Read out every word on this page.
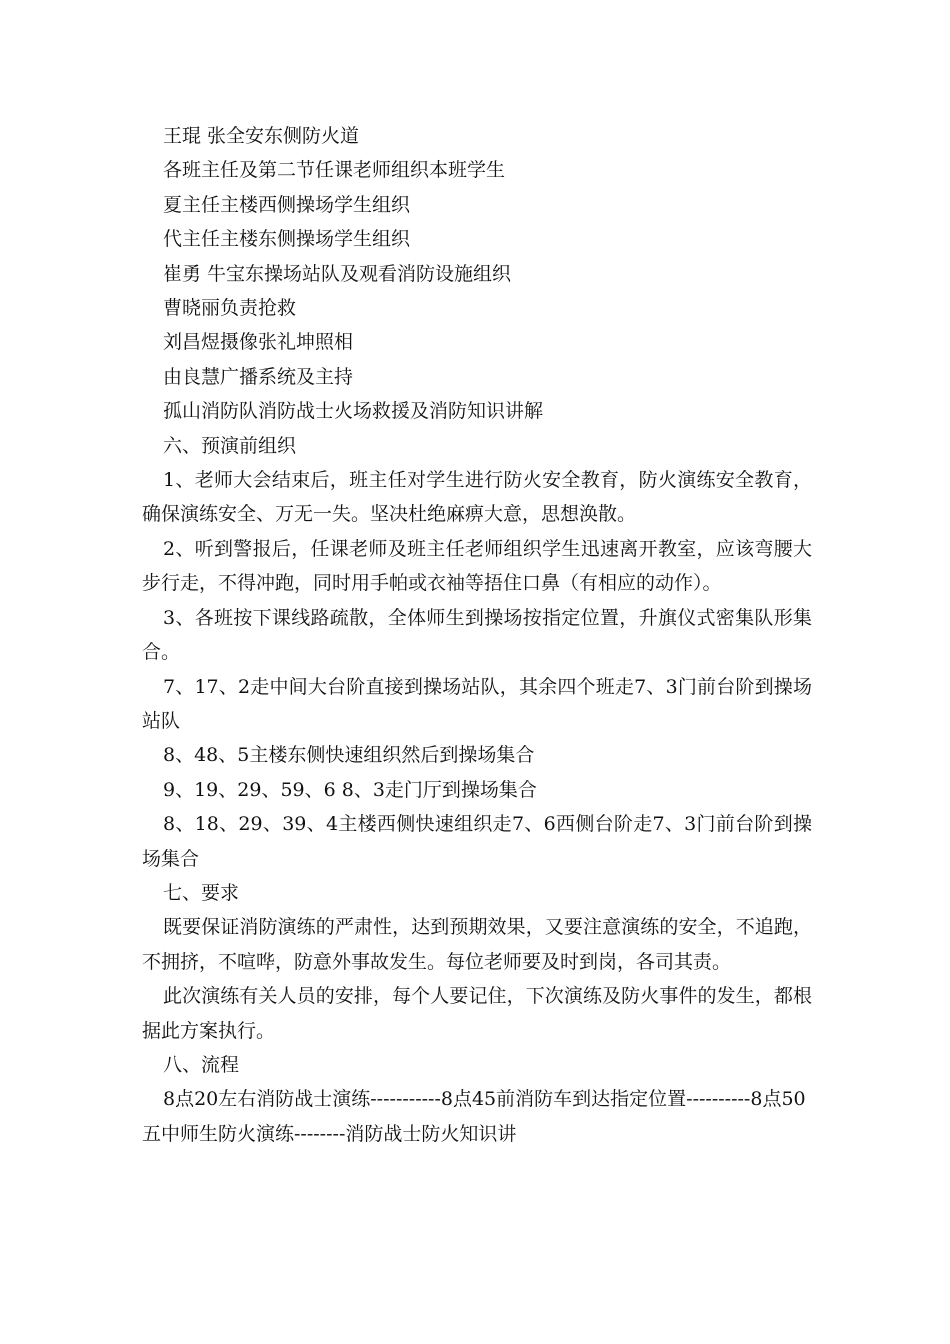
王琨 张全安东侧防火道

各班主任及第二节任课老师组织本班学生

夏主任主楼西侧操场学生组织

代主任主楼东侧操场学生组织

崔勇 牛宝东操场站队及观看消防设施组织

曹晓丽负责抢救

刘昌煜摄像张礼坤照相

由良慧广播系统及主持

孤山消防队消防战士火场救援及消防知识讲解

六、预演前组织

1、老师大会结束后，班主任对学生进行防火安全教育，防火演练安全教育，确保演练安全、万无一失。坚决杜绝麻痹大意，思想涣散。

2、听到警报后，任课老师及班主任老师组织学生迅速离开教室，应该弯腰大步行走，不得冲跑，同时用手帕或衣袖等捂住口鼻（有相应的动作）。

3、各班按下课线路疏散，全体师生到操场按指定位置，升旗仪式密集队形集合。

7、17、2走中间大台阶直接到操场站队，其余四个班走7、3门前台阶到操场站队

8、48、5主楼东侧快速组织然后到操场集合

9、19、29、59、6 8、3走门厅到操场集合

8、18、29、39、4主楼西侧快速组织走7、6西侧台阶走7、3门前台阶到操场集合

七、要求

既要保证消防演练的严肃性，达到预期效果，又要注意演练的安全，不追跑，不拥挤，不喧哗，防意外事故发生。每位老师要及时到岗，各司其责。

此次演练有关人员的安排，每个人要记住，下次演练及防火事件的发生，都根据此方案执行。

八、流程

8点20左右消防战士演练-----------8点45前消防车到达指定位置----------8点50五中师生防火演练--------消防战士防火知识讲
